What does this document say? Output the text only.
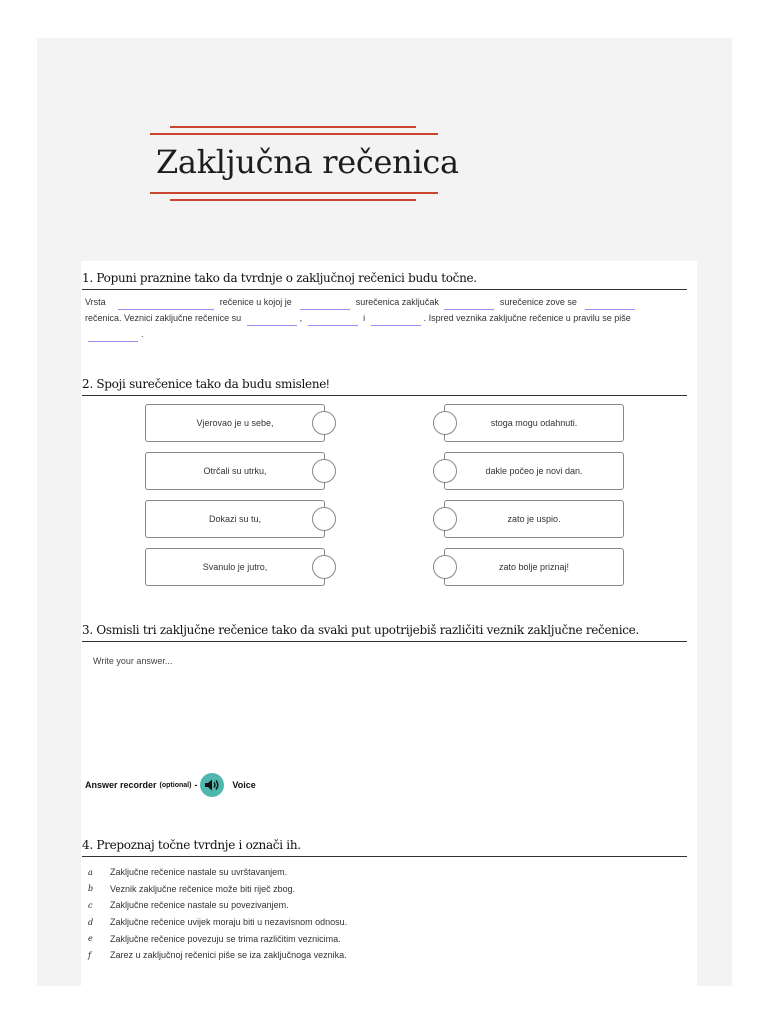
Zaključna rečenica
1. Popuni praznine tako da tvrdnje o zaključnoj rečenici budu točne.
Vrsta	rečenice u kojoj je	surečenica zaključak	surečenice zove se
rečenica. Veznici zaključne rečenice su	,	i	. Ispred veznika zaključne rečenice u pravilu se piše
.
2. Spoji surečenice tako da budu smislene!
Vjerovao je u sebe,
Otrčali su utrku,
Dokazi su tu,
Svanulo je jutro,
stoga mogu odahnuti.
dakle počeo je novi dan.
zato je uspio.
zato bolje priznaj!
3. Osmisli tri zaključne rečenice tako da svaki put upotrijebiš različiti veznik zaključne rečenice.
Write your answer...
Answer recorder (optional) -	Voice
4. Prepoznaj točne tvrdnje i označi ih.
a	Zaključne rečenice nastale su uvrštavanjem.
b	Veznik zaključne rečenice može biti riječ zbog.
c	Zaključne rečenice nastale su povezivanjem.
d	Zaključne rečenice uvijek moraju biti u nezavisnom odnosu.
e	Zaključne rečenice povezuju se trima različitim veznicima.
f	Zarez u zaključnoj rečenici piše se iza zaključnoga veznika.
